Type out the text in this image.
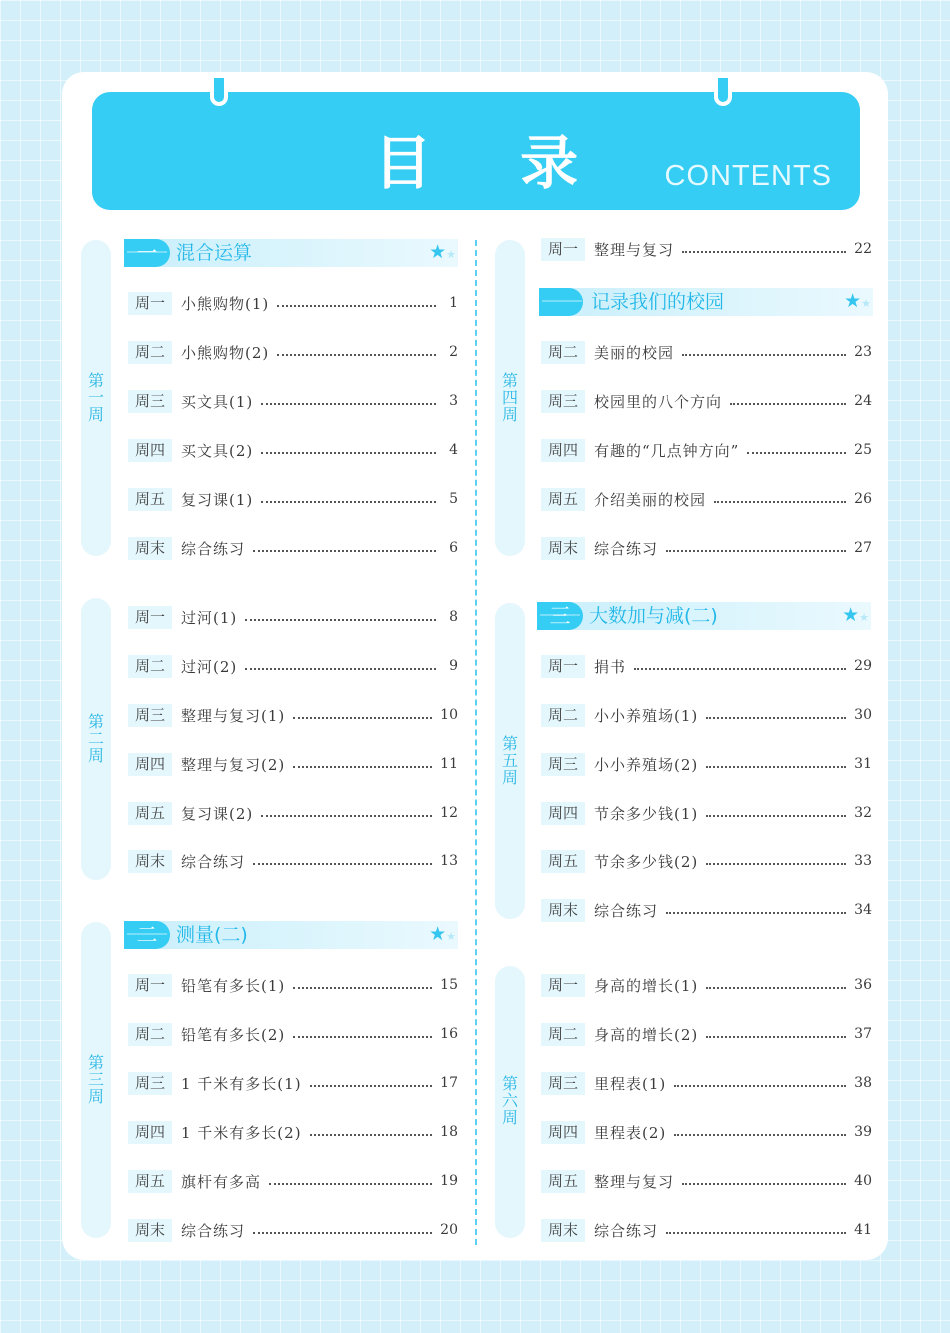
目 录	CONTENTS
第一周
第二周
第三周
第四周
第五周
第六周
一 混合运算	★★
二 测量(二)	★★
记录我们的校园	★★
三 大数加与减(二)	★★
周一	小熊购物(1)	1
周二	小熊购物(2)	2
周三	买文具(1)	3
周四	买文具(2)	4
周五	复习课(1)	5
周末	综合练习	6
周一	过河(1)	8
周二	过河(2)	9
周三	整理与复习(1)	10
周四	整理与复习(2)	11
周五	复习课(2)	12
周末	综合练习	13
周一	铅笔有多长(1)	15
周二	铅笔有多长(2)	16
周三	1 千米有多长(1)	17
周四	1 千米有多长(2)	18
周五	旗杆有多高	19
周末	综合练习	20
周一	整理与复习	22
周二	美丽的校园	23
周三	校园里的八个方向	24
周四	有趣的“几点钟方向”	25
周五	介绍美丽的校园	26
周末	综合练习	27
周一	捐书	29
周二	小小养殖场(1)	30
周三	小小养殖场(2)	31
周四	节余多少钱(1)	32
周五	节余多少钱(2)	33
周末	综合练习	34
周一	身高的增长(1)	36
周二	身高的增长(2)	37
周三	里程表(1)	38
周四	里程表(2)	39
周五	整理与复习	40
周末	综合练习	41
